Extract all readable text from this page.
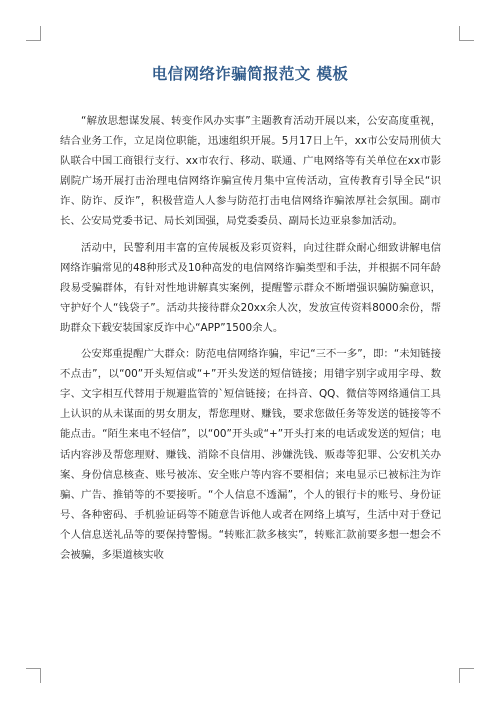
电信网络诈骗简报范文 模板

“解放思想谋发展、转变作风办实事”主题教育活动开展以来，公安高度重视，结合业务工作，立足岗位职能，迅速组织开展。5月17日上午，xx市公安局刑侦大队联合中国工商银行支行、xx市农行、移动、联通、广电网络等有关单位在xx市影剧院广场开展打击治理电信网络诈骗宣传月集中宣传活动，宣传教育引导全民“识诈、防诈、反诈”，积极营造人人参与防范打击电信网络诈骗浓厚社会氛围。副市长、公安局党委书记、局长刘国强，局党委委员、副局长边亚泉参加活动。

活动中，民警利用丰富的宣传展板及彩页资料，向过往群众耐心细致讲解电信网络诈骗常见的48种形式及10种高发的电信网络诈骗类型和手法，并根据不同年龄段易受骗群体，有针对性地讲解真实案例，提醒警示群众不断增强识骗防骗意识，守护好个人“钱袋子”。活动共接待群众20xx余人次，发放宣传资料8000余份，帮助群众下载安装国家反诈中心“APP”1500余人。

公安郑重提醒广大群众：防范电信网络诈骗，牢记“三不一多”，即：“未知链接不点击”，以“00”开头短信或“+”开头发送的短信链接；用错字别字或用字母、数字、文字相互代替用于规避监管的`短信链接；在抖音、QQ、微信等网络通信工具上认识的从未谋面的男女朋友，帮您理财、赚钱，要求您做任务等发送的链接等不能点击。“陌生来电不轻信”，以“00”开头或“+”开头打来的电话或发送的短信；电话内容涉及帮您理财、赚钱、消除不良信用、涉嫌洗钱、贩毒等犯罪、公安机关办案、身份信息核查、账号被冻、安全账户等内容不要相信；来电显示已被标注为诈骗、广告、推销等的不要接听。“个人信息不透漏”，个人的银行卡的账号、身份证号、各种密码、手机验证码等不随意告诉他人或者在网络上填写，生活中对于登记个人信息送礼品等的要保持警惕。“转账汇款多核实”，转账汇款前要多想一想会不会被骗，多渠道核实收
